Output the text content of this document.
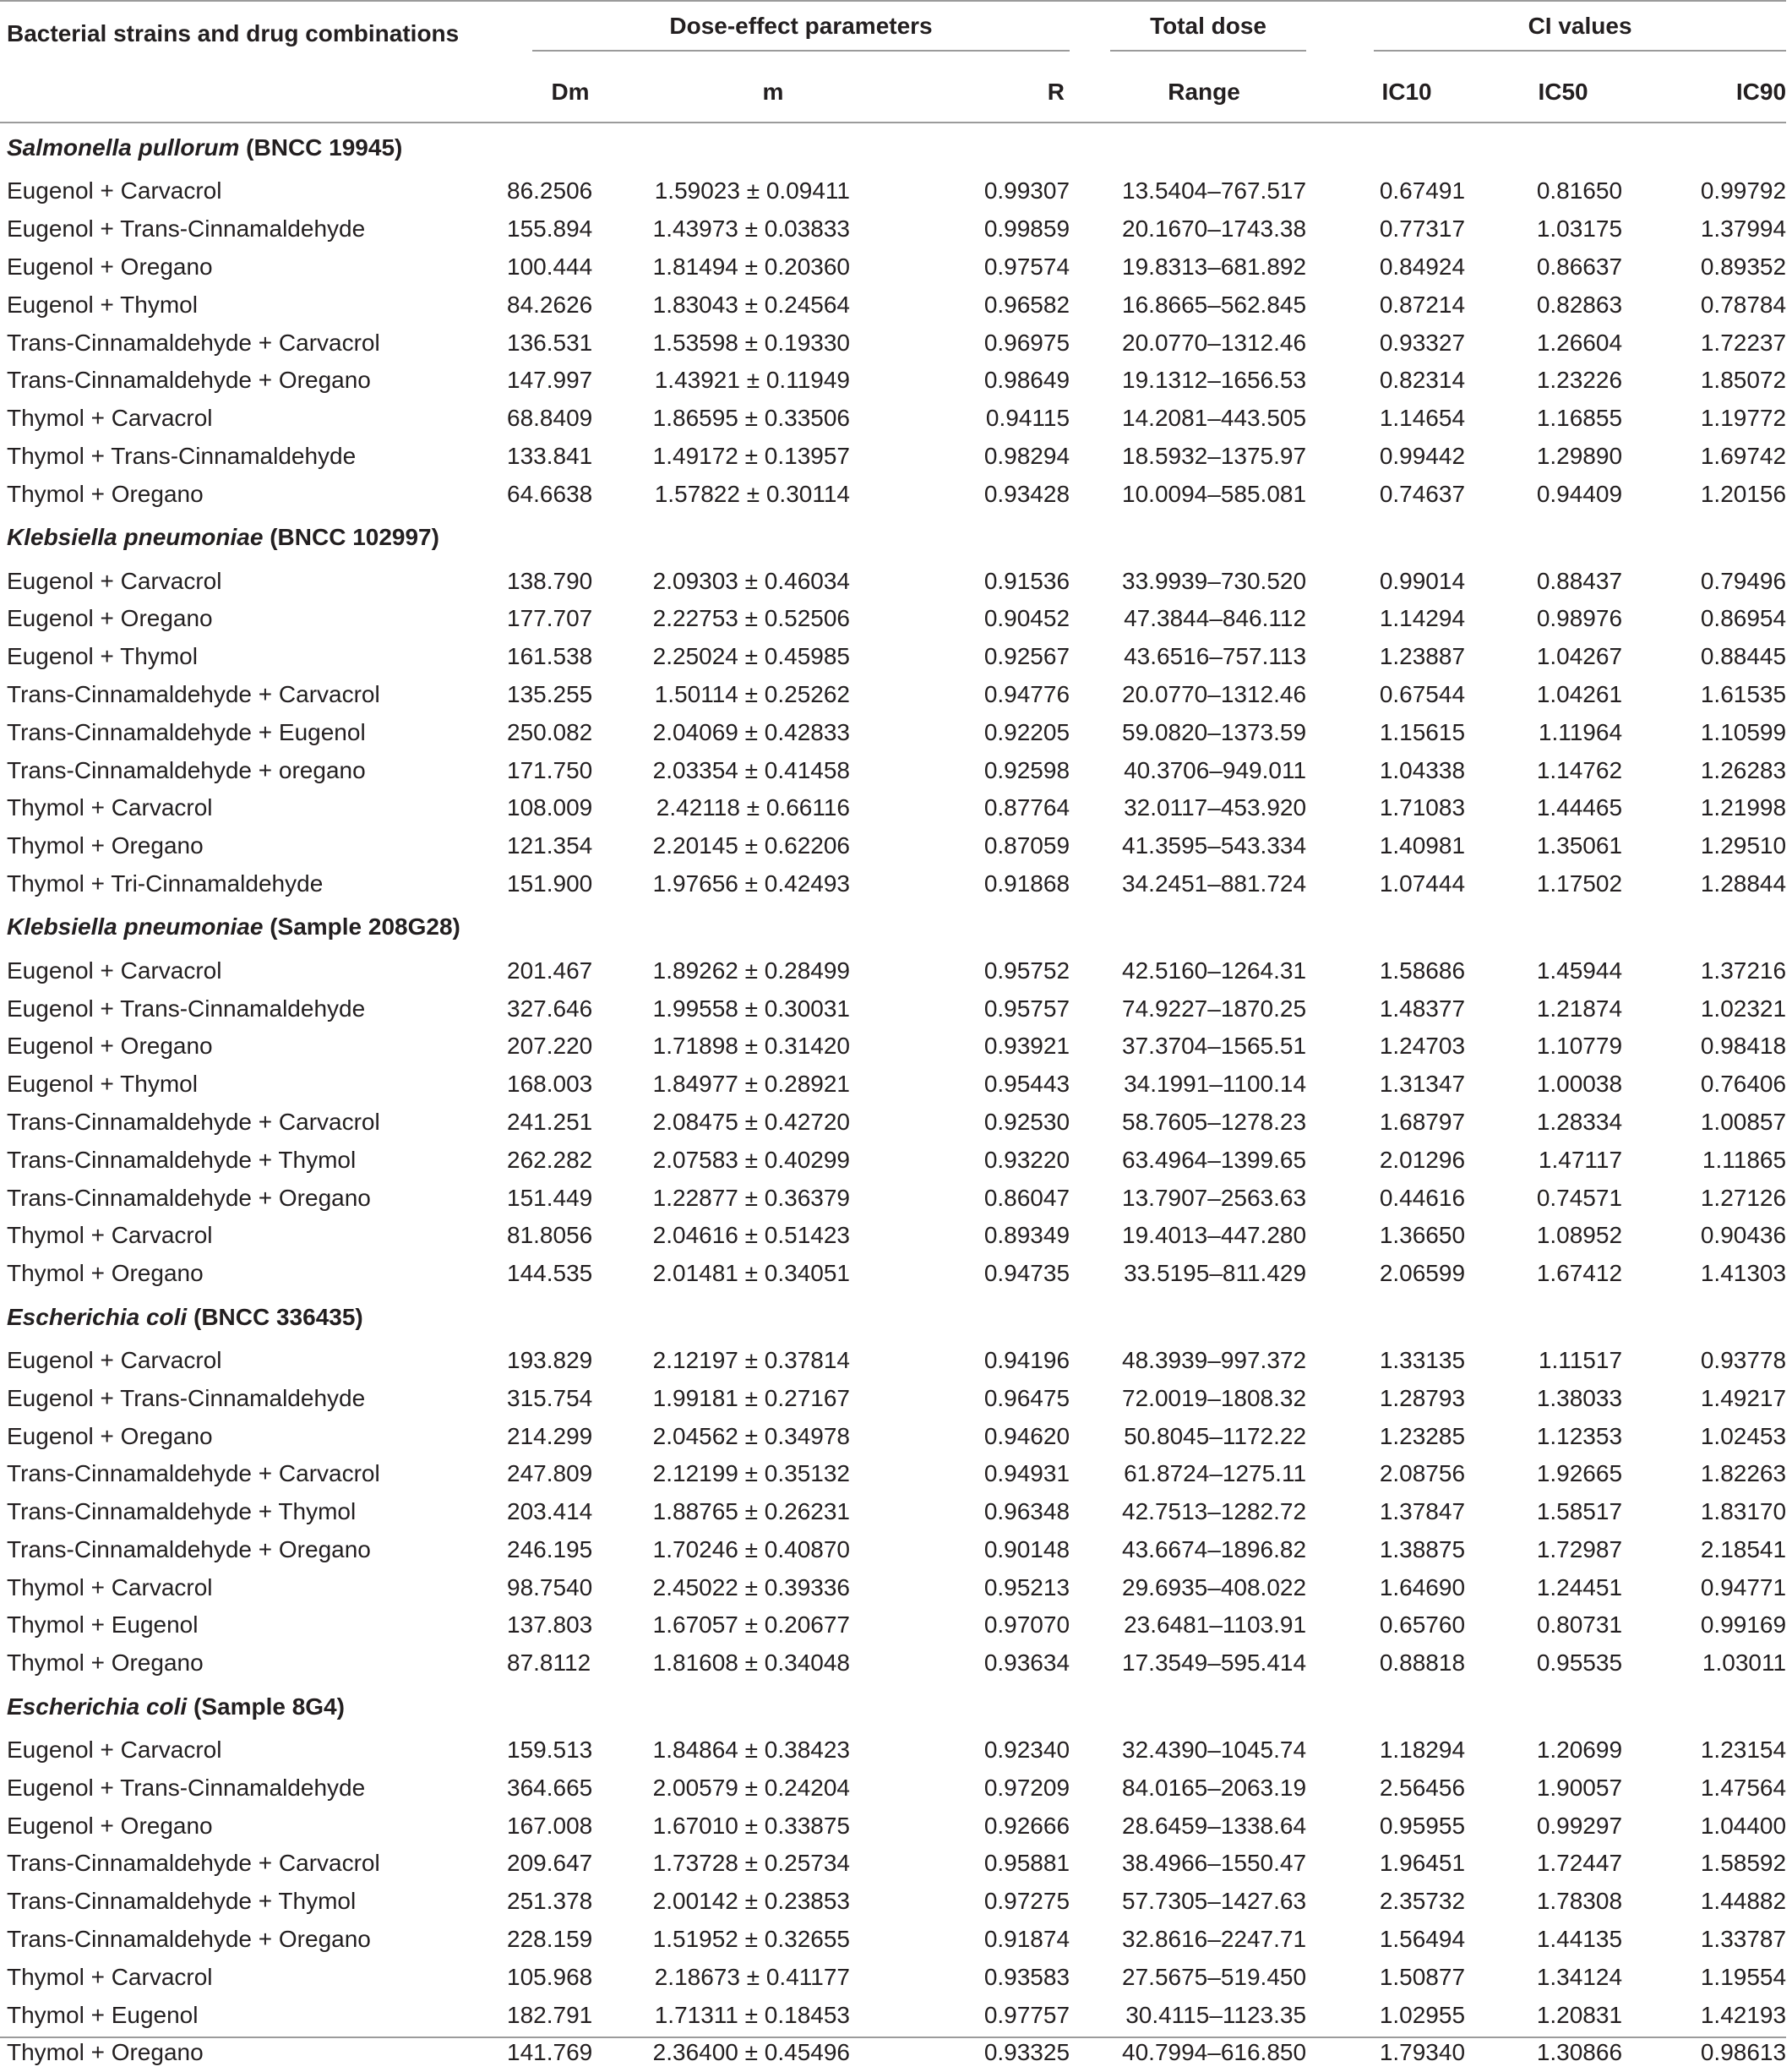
Bacterial strains and drug combinations	Dose-effect parameters			Total dose	CI values		

	Dm	m	R	Range	IC10	IC50	IC90
Salmonella pullorum (BNCC 19945)							
Eugenol + Carvacrol	86.2506	1.59023 ± 0.09411	0.99307	13.5404–767.517	0.67491	0.81650	0.99792
Eugenol + Trans-Cinnamaldehyde	155.894	1.43973 ± 0.03833	0.99859	20.1670–1743.38	0.77317	1.03175	1.37994
Eugenol + Oregano	100.444	1.81494 ± 0.20360	0.97574	19.8313–681.892	0.84924	0.86637	0.89352
Eugenol + Thymol	84.2626	1.83043 ± 0.24564	0.96582	16.8665–562.845	0.87214	0.82863	0.78784
Trans-Cinnamaldehyde + Carvacrol	136.531	1.53598 ± 0.19330	0.96975	20.0770–1312.46	0.93327	1.26604	1.72237
Trans-Cinnamaldehyde + Oregano	147.997	1.43921 ± 0.11949	0.98649	19.1312–1656.53	0.82314	1.23226	1.85072
Thymol + Carvacrol	68.8409	1.86595 ± 0.33506	0.94115	14.2081–443.505	1.14654	1.16855	1.19772
Thymol + Trans-Cinnamaldehyde	133.841	1.49172 ± 0.13957	0.98294	18.5932–1375.97	0.99442	1.29890	1.69742
Thymol + Oregano	64.6638	1.57822 ± 0.30114	0.93428	10.0094–585.081	0.74637	0.94409	1.20156
Klebsiella pneumoniae (BNCC 102997)							
Eugenol + Carvacrol	138.790	2.09303 ± 0.46034	0.91536	33.9939–730.520	0.99014	0.88437	0.79496
Eugenol + Oregano	177.707	2.22753 ± 0.52506	0.90452	47.3844–846.112	1.14294	0.98976	0.86954
Eugenol + Thymol	161.538	2.25024 ± 0.45985	0.92567	43.6516–757.113	1.23887	1.04267	0.88445
Trans-Cinnamaldehyde + Carvacrol	135.255	1.50114 ± 0.25262	0.94776	20.0770–1312.46	0.67544	1.04261	1.61535
Trans-Cinnamaldehyde + Eugenol	250.082	2.04069 ± 0.42833	0.92205	59.0820–1373.59	1.15615	1.11964	1.10599
Trans-Cinnamaldehyde + oregano	171.750	2.03354 ± 0.41458	0.92598	40.3706–949.011	1.04338	1.14762	1.26283
Thymol + Carvacrol	108.009	2.42118 ± 0.66116	0.87764	32.0117–453.920	1.71083	1.44465	1.21998
Thymol + Oregano	121.354	2.20145 ± 0.62206	0.87059	41.3595–543.334	1.40981	1.35061	1.29510
Thymol + Tri-Cinnamaldehyde	151.900	1.97656 ± 0.42493	0.91868	34.2451–881.724	1.07444	1.17502	1.28844
Klebsiella pneumoniae (Sample 208G28)							
Eugenol + Carvacrol	201.467	1.89262 ± 0.28499	0.95752	42.5160–1264.31	1.58686	1.45944	1.37216
Eugenol + Trans-Cinnamaldehyde	327.646	1.99558 ± 0.30031	0.95757	74.9227–1870.25	1.48377	1.21874	1.02321
Eugenol + Oregano	207.220	1.71898 ± 0.31420	0.93921	37.3704–1565.51	1.24703	1.10779	0.98418
Eugenol + Thymol	168.003	1.84977 ± 0.28921	0.95443	34.1991–1100.14	1.31347	1.00038	0.76406
Trans-Cinnamaldehyde + Carvacrol	241.251	2.08475 ± 0.42720	0.92530	58.7605–1278.23	1.68797	1.28334	1.00857
Trans-Cinnamaldehyde + Thymol	262.282	2.07583 ± 0.40299	0.93220	63.4964–1399.65	2.01296	1.47117	1.11865
Trans-Cinnamaldehyde + Oregano	151.449	1.22877 ± 0.36379	0.86047	13.7907–2563.63	0.44616	0.74571	1.27126
Thymol + Carvacrol	81.8056	2.04616 ± 0.51423	0.89349	19.4013–447.280	1.36650	1.08952	0.90436
Thymol + Oregano	144.535	2.01481 ± 0.34051	0.94735	33.5195–811.429	2.06599	1.67412	1.41303
Escherichia coli (BNCC 336435)							
Eugenol + Carvacrol	193.829	2.12197 ± 0.37814	0.94196	48.3939–997.372	1.33135	1.11517	0.93778
Eugenol + Trans-Cinnamaldehyde	315.754	1.99181 ± 0.27167	0.96475	72.0019–1808.32	1.28793	1.38033	1.49217
Eugenol + Oregano	214.299	2.04562 ± 0.34978	0.94620	50.8045–1172.22	1.23285	1.12353	1.02453
Trans-Cinnamaldehyde + Carvacrol	247.809	2.12199 ± 0.35132	0.94931	61.8724–1275.11	2.08756	1.92665	1.82263
Trans-Cinnamaldehyde + Thymol	203.414	1.88765 ± 0.26231	0.96348	42.7513–1282.72	1.37847	1.58517	1.83170
Trans-Cinnamaldehyde + Oregano	246.195	1.70246 ± 0.40870	0.90148	43.6674–1896.82	1.38875	1.72987	2.18541
Thymol + Carvacrol	98.7540	2.45022 ± 0.39336	0.95213	29.6935–408.022	1.64690	1.24451	0.94771
Thymol + Eugenol	137.803	1.67057 ± 0.20677	0.97070	23.6481–1103.91	0.65760	0.80731	0.99169
Thymol + Oregano	87.8112	1.81608 ± 0.34048	0.93634	17.3549–595.414	0.88818	0.95535	1.03011
Escherichia coli (Sample 8G4)							
Eugenol + Carvacrol	159.513	1.84864 ± 0.38423	0.92340	32.4390–1045.74	1.18294	1.20699	1.23154
Eugenol + Trans-Cinnamaldehyde	364.665	2.00579 ± 0.24204	0.97209	84.0165–2063.19	2.56456	1.90057	1.47564
Eugenol + Oregano	167.008	1.67010 ± 0.33875	0.92666	28.6459–1338.64	0.95955	0.99297	1.04400
Trans-Cinnamaldehyde + Carvacrol	209.647	1.73728 ± 0.25734	0.95881	38.4966–1550.47	1.96451	1.72447	1.58592
Trans-Cinnamaldehyde + Thymol	251.378	2.00142 ± 0.23853	0.97275	57.7305–1427.63	2.35732	1.78308	1.44882
Trans-Cinnamaldehyde + Oregano	228.159	1.51952 ± 0.32655	0.91874	32.8616–2247.71	1.56494	1.44135	1.33787
Thymol + Carvacrol	105.968	2.18673 ± 0.41177	0.93583	27.5675–519.450	1.50877	1.34124	1.19554
Thymol + Eugenol	182.791	1.71311 ± 0.18453	0.97757	30.4115–1123.35	1.02955	1.20831	1.42193
Thymol + Oregano	141.769	2.36400 ± 0.45496	0.93325	40.7994–616.850	1.79340	1.30866	0.98613
